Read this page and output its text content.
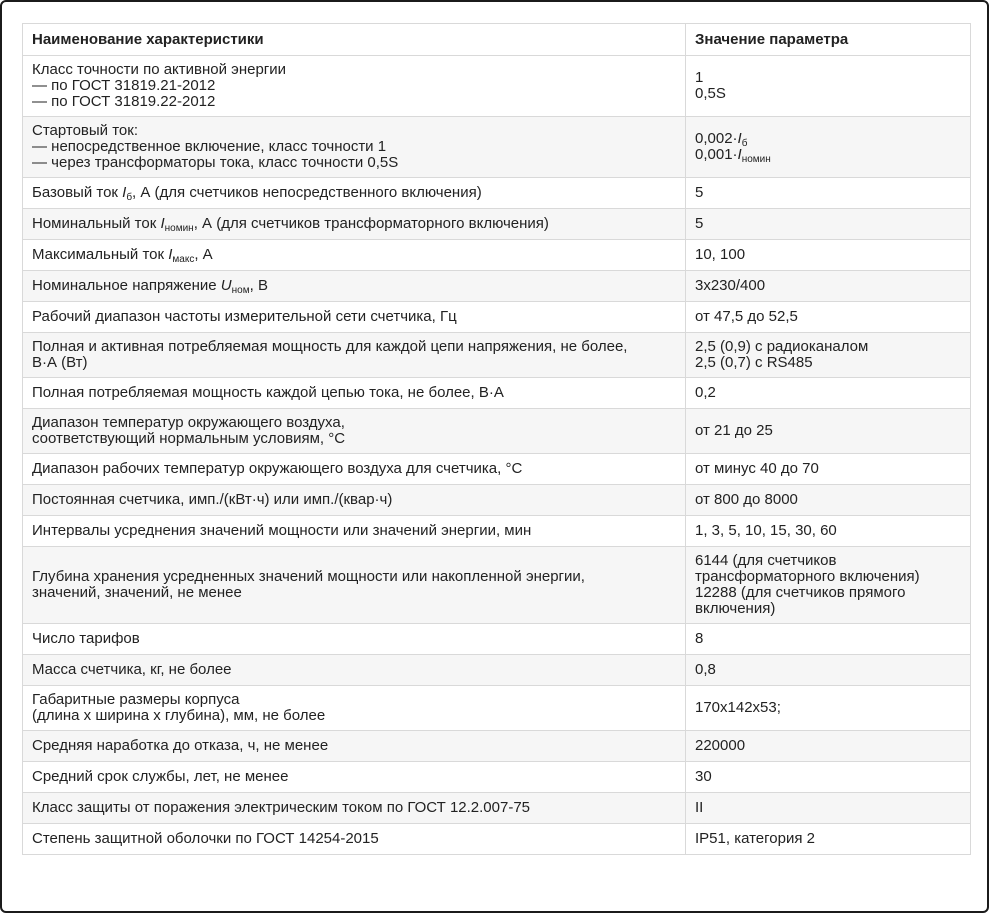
Наименование характеристики	Значение параметра

Класс точности по активной энергии
— по ГОСТ 31819.21-2012
— по ГОСТ 31819.22-2012	1
0,5S

Стартовый ток:
— непосредственное включение, класс точности 1
— через трансформаторы тока, класс точности 0,5S	$0,002\cdot I_б$
$0,001\cdot I_{номин}$

Базовый ток $I_б$, А (для счетчиков непосредственного включения)	5
Номинальный ток $I_{номин}$, А (для счетчиков трансформаторного включения)	5
Максимальный ток $I_{макс}$, А	10, 100
Номинальное напряжение $U_{ном}$, В	3х230/400
Рабочий диапазон частоты измерительной сети счетчика, Гц	от 47,5 до 52,5

Полная и активная потребляемая мощность для каждой цепи напряжения, не более,
В·А (Вт)	2,5 (0,9) с радиоканалом
2,5 (0,7) с RS485

Полная потребляемая мощность каждой цепью тока, не более, В·А	0,2

Диапазон температур окружающего воздуха,
соответствующий нормальным условиям, °C	от 21 до 25
Диапазон рабочих температур окружающего воздуха для счетчика, °C	от минус 40 до 70
Постоянная счетчика, имп./(кВт·ч) или имп./(квар·ч)	от 800 до 8000
Интервалы усреднения значений мощности или значений энергии, мин	1, 3, 5, 10, 15, 30, 60

Глубина хранения усредненных значений мощности или накопленной энергии,
значений, значений, не менее	6144 (для счетчиков
трансформаторного включения)
12288 (для счетчиков прямого
включения)

Число тарифов	8
Масса счетчика, кг, не более	0,8

Габаритные размеры корпуса
(длина х ширина х глубина), мм, не более	170х142х53;
Средняя наработка до отказа, ч, не менее	220000
Средний срок службы, лет, не менее	30
Класс защиты от поражения электрическим током по ГОСТ 12.2.007-75	II
Степень защитной оболочки по ГОСТ 14254-2015	IP51, категория 2
